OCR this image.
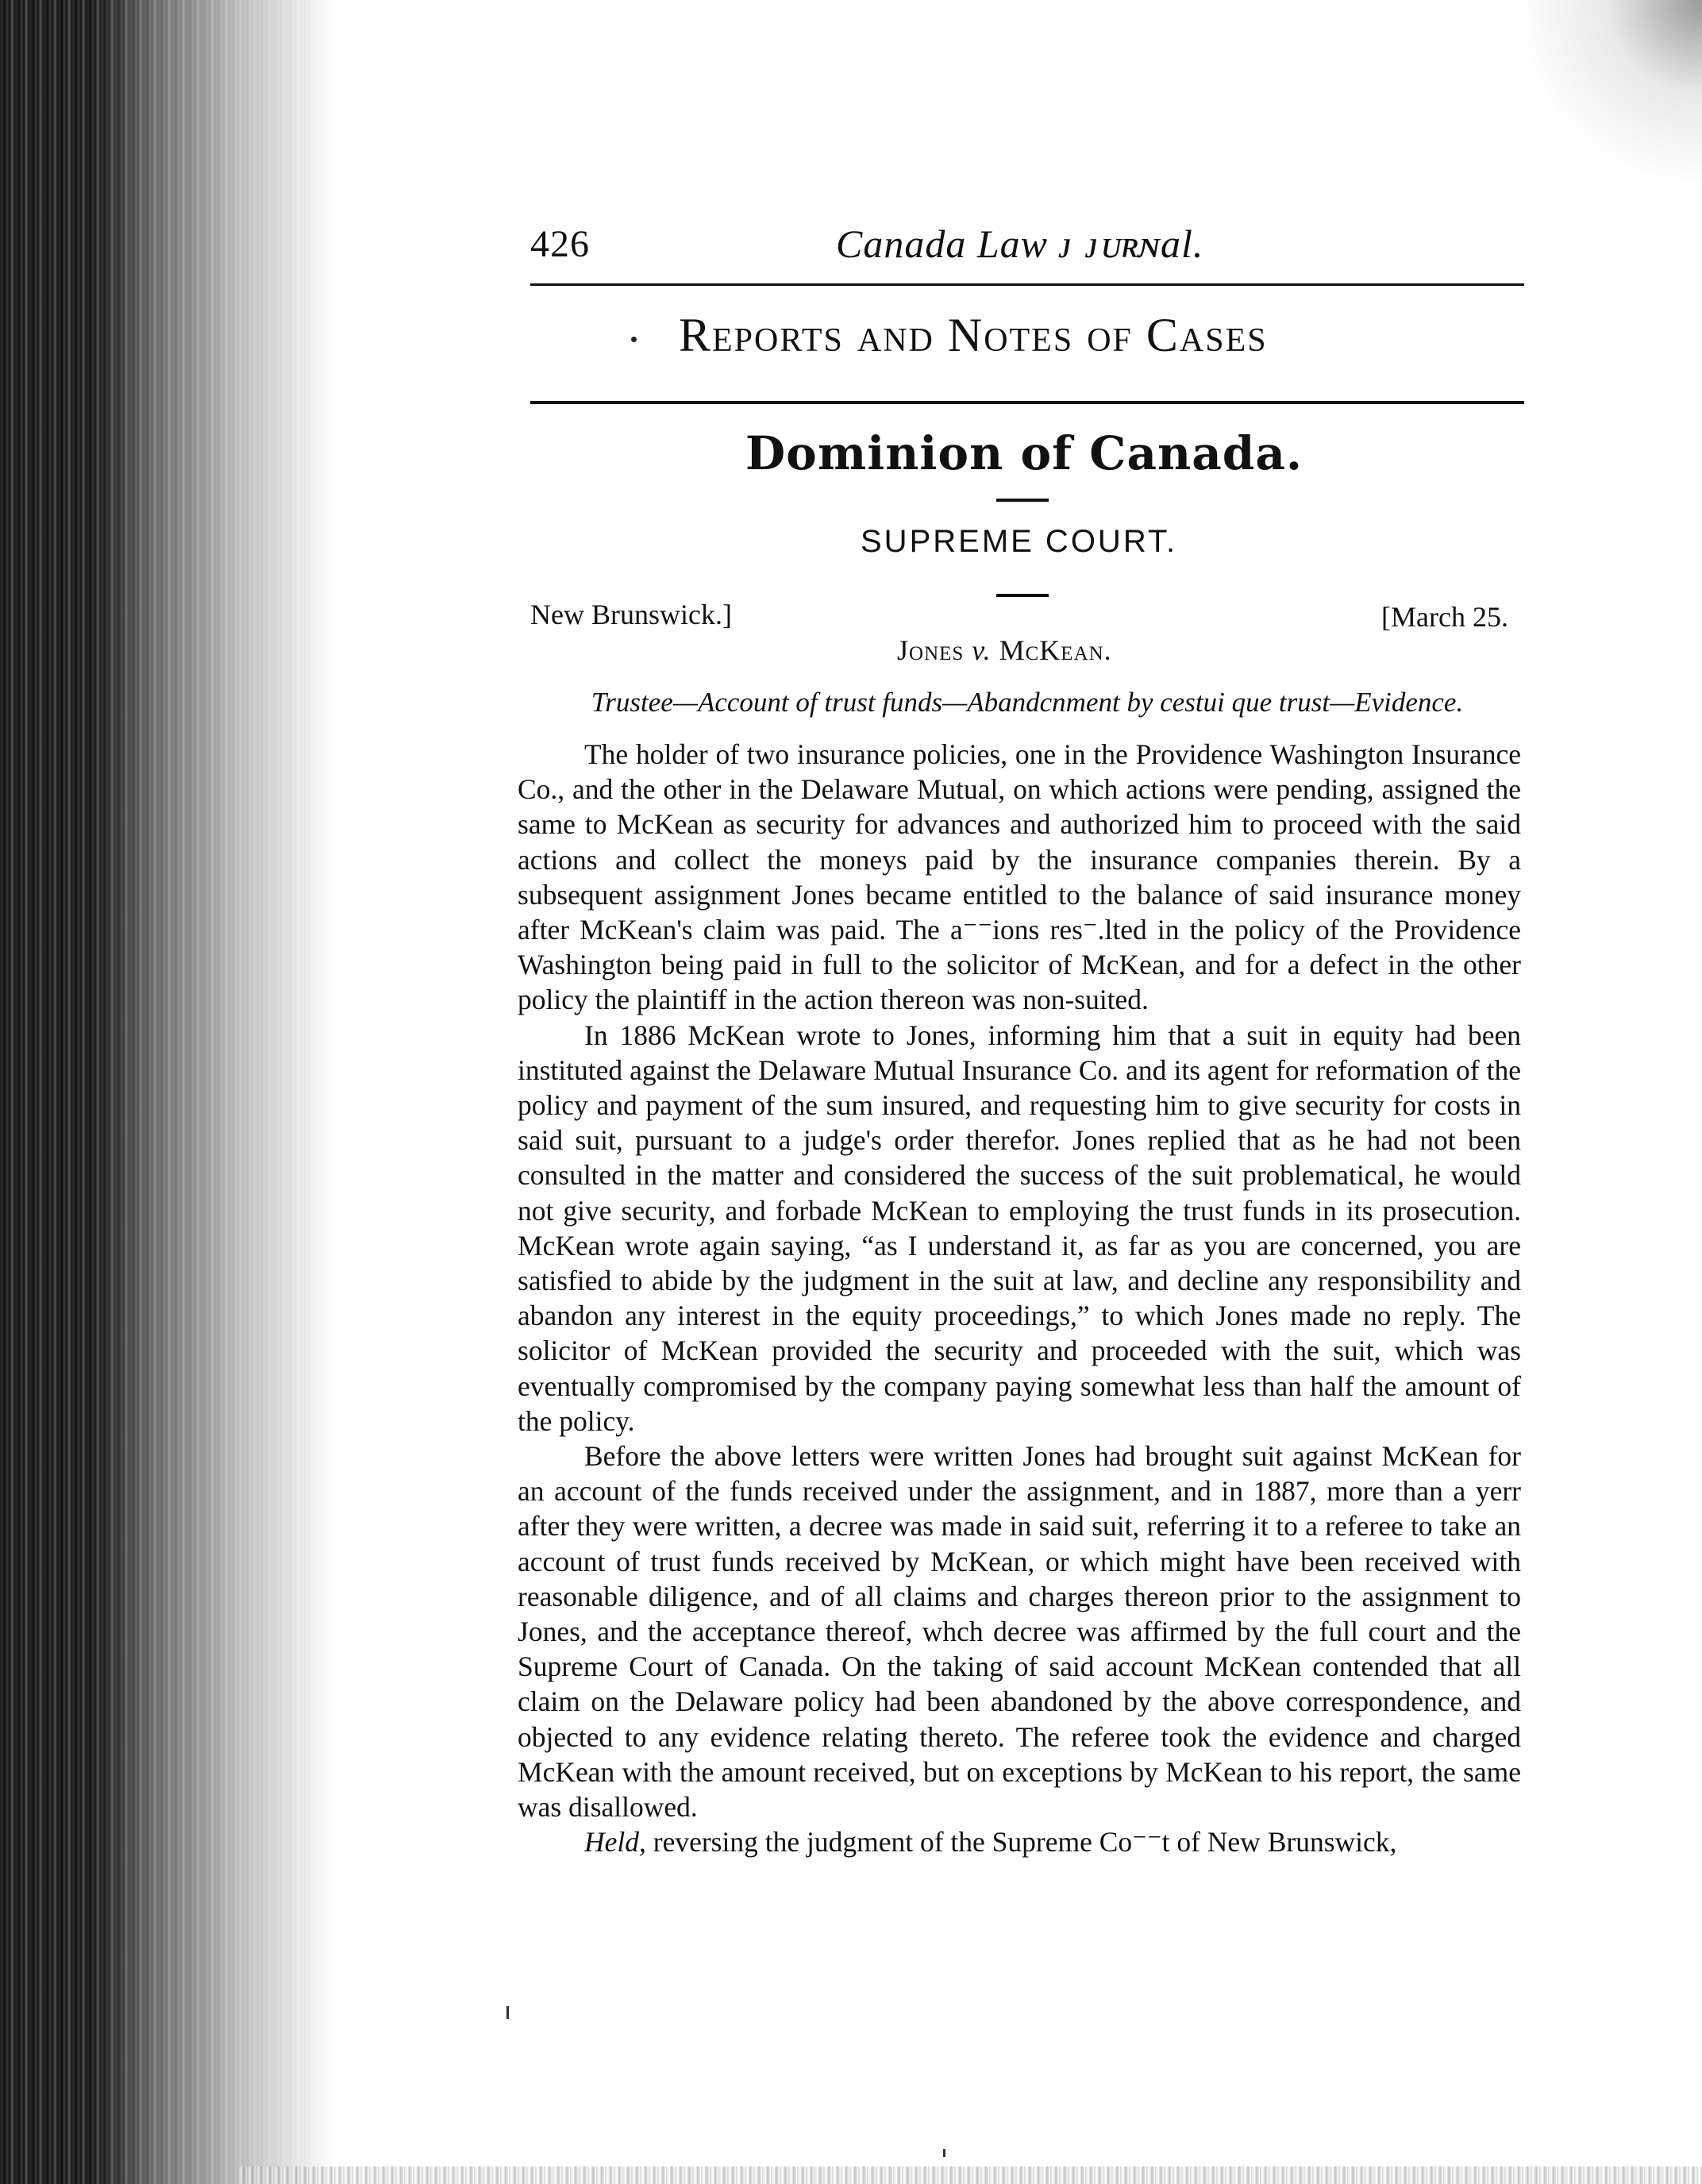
426	Canada Law ᴊ ᴊᴜʀɴal.
Reports and Notes of Cases
Dominion of Canada.
SUPREME COURT.
New Brunswick.]	[March 25.
Jones v. McKean.
Trustee—Account of trust funds—Abandcnment by cestui que trust—Evidence.

The holder of two insurance policies, one in the Providence Washington Insurance Co., and the other in the Delaware Mutual, on which actions were pending, assigned the same to McKean as security for advances and authorized him to proceed with the said actions and collect the moneys paid by the insurance companies therein. By a subsequent assignment Jones became entitled to the balance of said insurance money after McKean's claim was paid. The a⁻⁻ions res⁻.lted in the policy of the Providence Washington being paid in full to the solicitor of McKean, and for a defect in the other policy the plaintiff in the action thereon was non-suited.

In 1886 McKean wrote to Jones, informing him that a suit in equity had been instituted against the Delaware Mutual Insurance Co. and its agent for reformation of the policy and payment of the sum insured, and requesting him to give security for costs in said suit, pursuant to a judge's order therefor. Jones replied that as he had not been consulted in the matter and considered the success of the suit problematical, he would not give security, and forbade McKean to employing the trust funds in its prosecution. McKean wrote again saying, “as I understand it, as far as you are concerned, you are satisfied to abide by the judgment in the suit at law, and decline any responsibility and abandon any interest in the equity proceedings,” to which Jones made no reply. The solicitor of McKean provided the security and proceeded with the suit, which was eventually compromised by the company paying somewhat less than half the amount of the policy.

Before the above letters were written Jones had brought suit against McKean for an account of the funds received under the assignment, and in 1887, more than a yerr after they were written, a decree was made in said suit, referring it to a referee to take an account of trust funds received by McKean, or which might have been received with reasonable diligence, and of all claims and charges thereon prior to the assignment to Jones, and the acceptance thereof, whch decree was affirmed by the full court and the Supreme Court of Canada. On the taking of said account McKean contended that all claim on the Delaware policy had been abandoned by the above correspondence, and objected to any evidence relating thereto. The referee took the evidence and charged McKean with the amount received, but on exceptions by McKean to his report, the same was disallowed.

Held, reversing the judgment of the Supreme Co⁻⁻t of New Brunswick,
